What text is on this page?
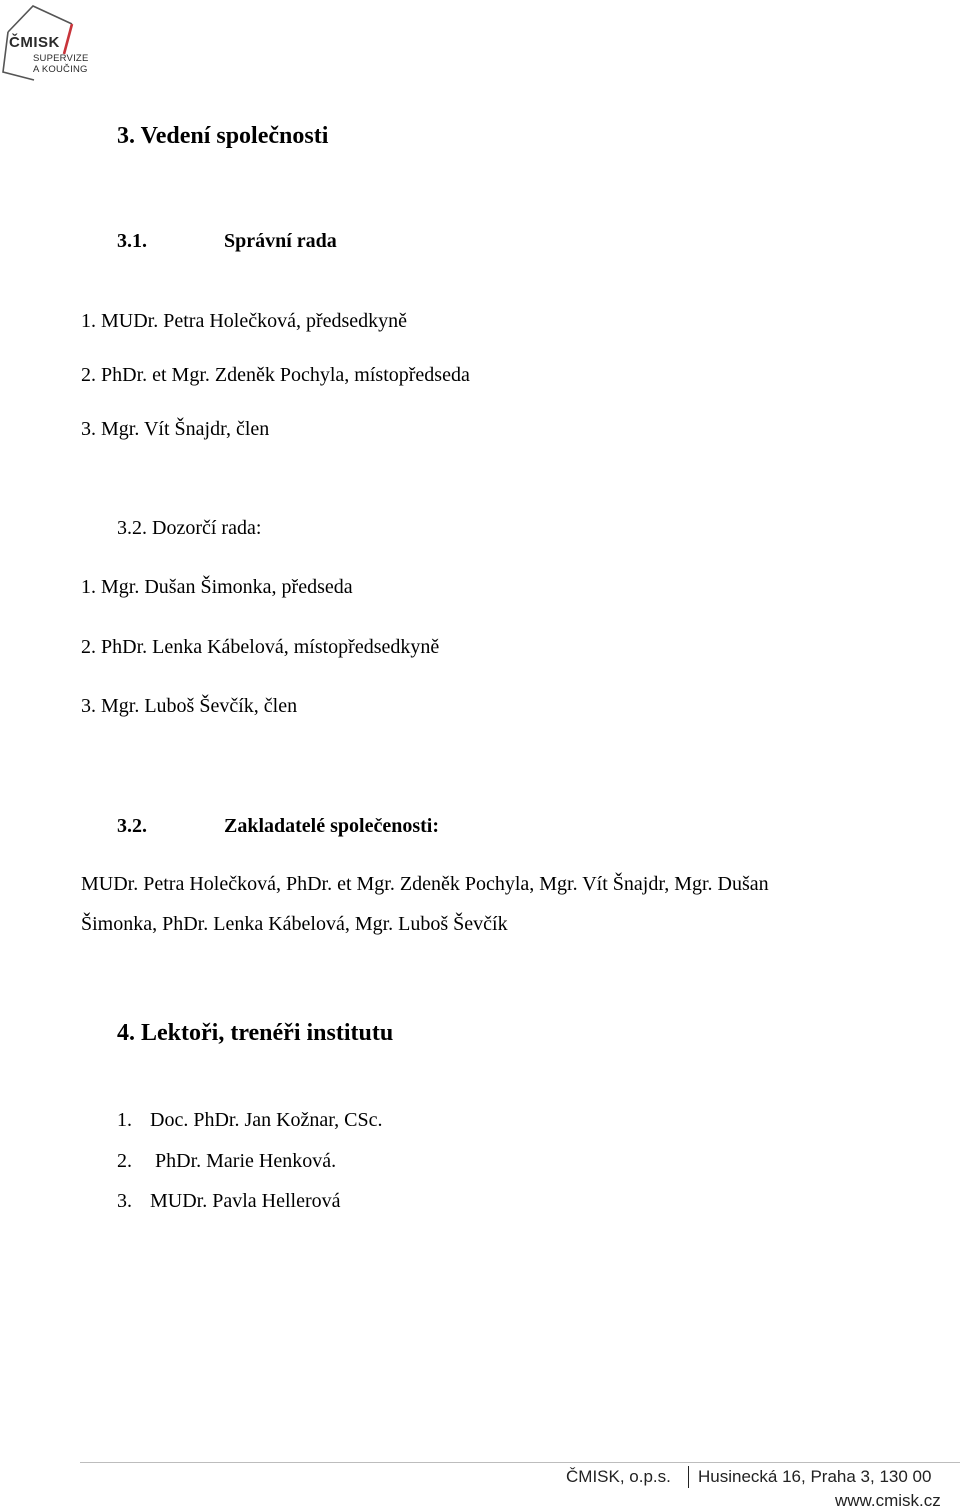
ČMISK
SUPERVIZE
A KOUČING
3. Vedení společnosti
3.1.	Správní rada
1. MUDr. Petra Holečková, předsedkyně
2. PhDr. et Mgr. Zdeněk Pochyla, místopředseda
3. Mgr. Vít Šnajdr, člen
3.2. Dozorčí rada:
1. Mgr. Dušan Šimonka, předseda
2. PhDr. Lenka Kábelová, místopředsedkyně
3. Mgr. Luboš Ševčík, člen
3.2.	Zakladatelé společenosti:
MUDr. Petra Holečková, PhDr. et Mgr. Zdeněk Pochyla, Mgr. Vít Šnajdr, Mgr. Dušan
Šimonka, PhDr. Lenka Kábelová, Mgr. Luboš Ševčík
4. Lektoři, trenéři institutu
1. Doc. PhDr. Jan Kožnar, CSc.
2. PhDr. Marie Henková.
3. MUDr. Pavla Hellerová
ČMISK, o.p.s. Husinecká 16, Praha 3, 130 00
www.cmisk.cz
